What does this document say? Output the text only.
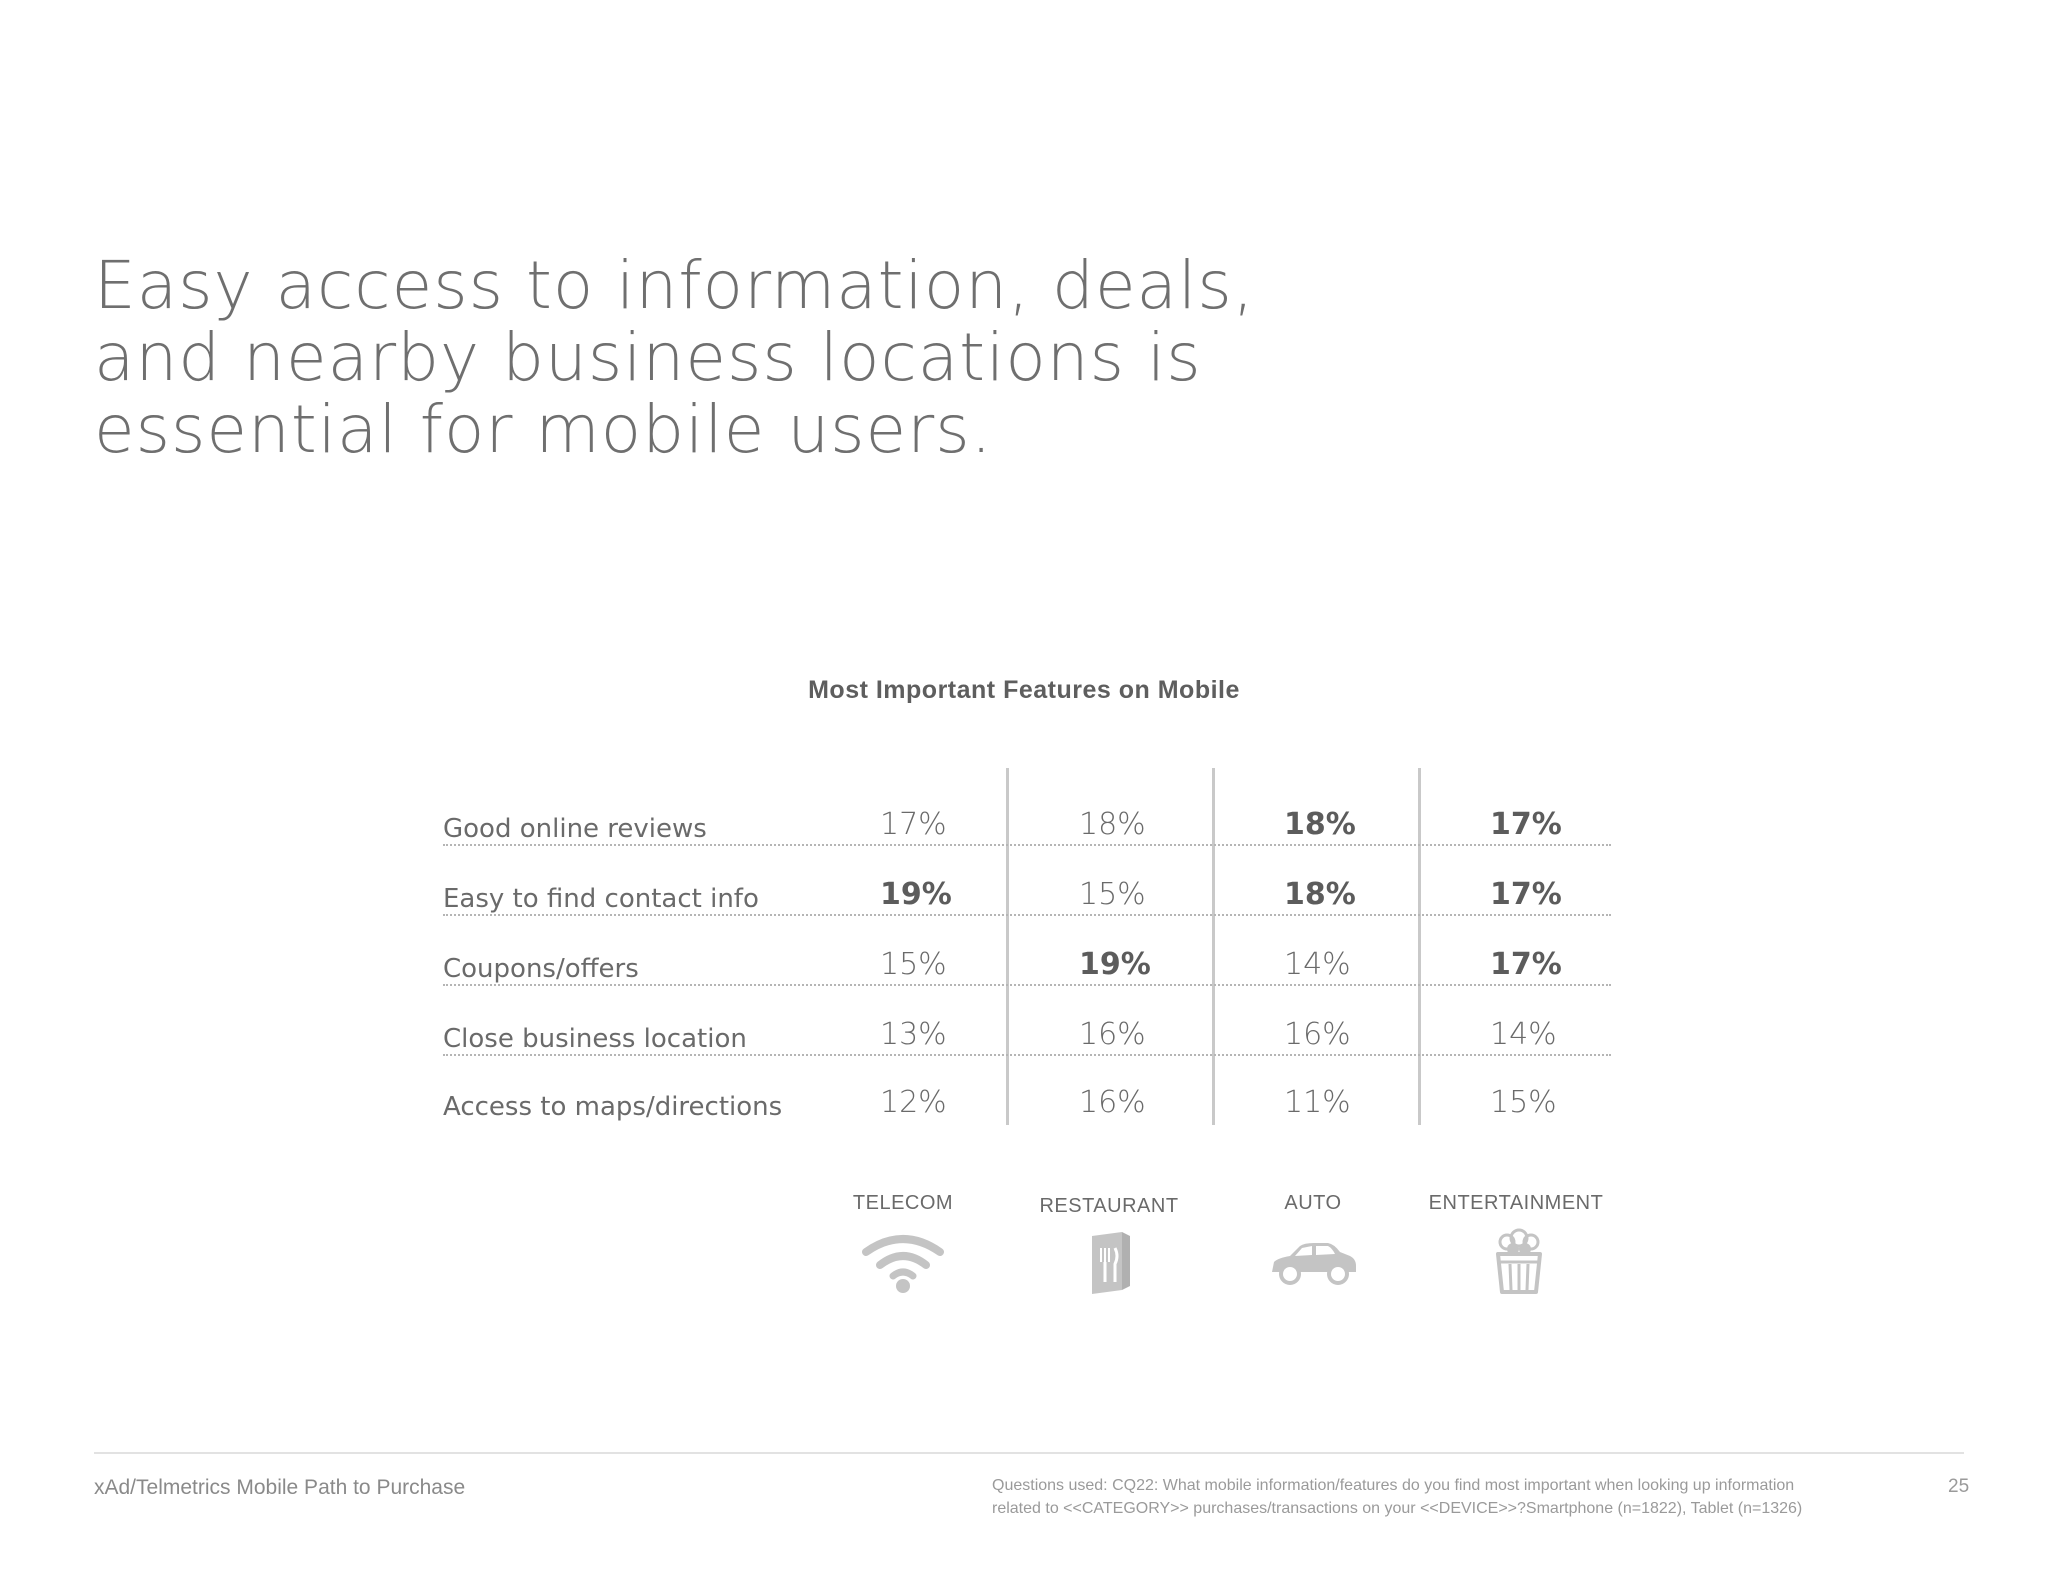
Easy access to information, deals,
and nearby business locations is
essential for mobile users.
Most Important Features on Mobile
Good online reviews	17%	18%	18%	17%
Easy to find contact info	19%	15%	18%	17%
Coupons/offers	15%	19%	14%	17%
Close business location	13%	16%	16%	14%
Access to maps/directions	12%	16%	11%	15%
TELECOM	RESTAURANT	AUTO	ENTERTAINMENT
xAd/Telmetrics Mobile Path to Purchase	Questions used: CQ22: What mobile information/features do you find most important when looking up information
related to <<CATEGORY>> purchases/transactions on your <<DEVICE>>?Smartphone (n=1822), Tablet (n=1326)
25
